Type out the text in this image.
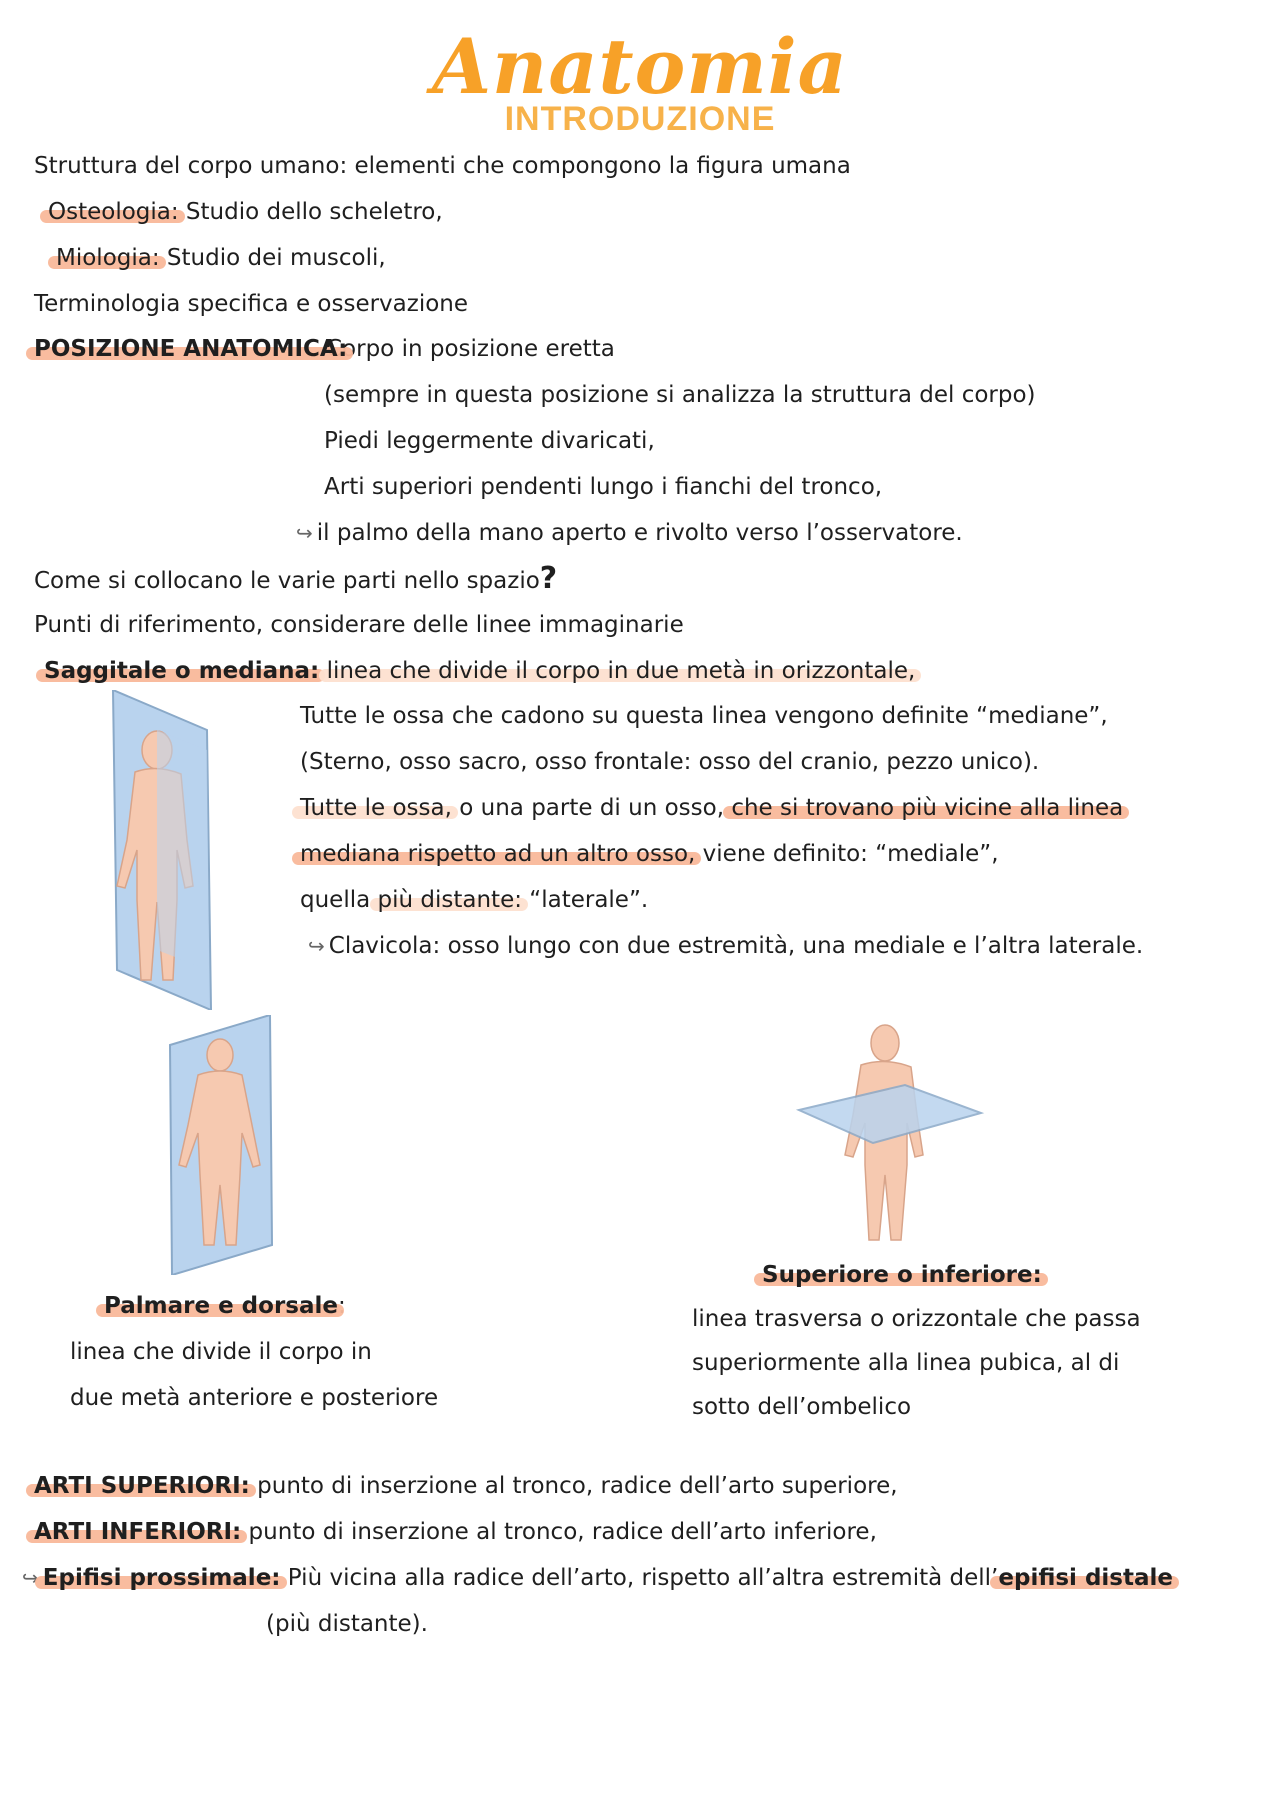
Anatomia
INTRODUZIONE
Struttura del corpo umano: elementi che compongono la figura umana
Osteologia: Studio dello scheletro,
Miologia: Studio dei muscoli,
Terminologia specifica e osservazione
POSIZIONE ANATOMICA:
Corpo in posizione eretta
(sempre in questa posizione si analizza la struttura del corpo)
Piedi leggermente divaricati,
Arti superiori pendenti lungo i fianchi del tronco,
↪ il palmo della mano aperto e rivolto verso l’osservatore.
Come si collocano le varie parti nello spazio?
Punti di riferimento, considerare delle linee immaginarie
Saggitale o mediana: linea che divide il corpo in due metà in orizzontale,
Tutte le ossa che cadono su questa linea vengono definite “mediane”,
(Sterno, osso sacro, osso frontale: osso del cranio, pezzo unico).
Tutte le ossa, o una parte di un osso, che si trovano più vicine alla linea
mediana rispetto ad un altro osso, viene definito: “mediale”,
quella più distante: “laterale”.
↪ Clavicola: osso lungo con due estremità, una mediale e l’altra laterale.
Palmare e dorsale:
linea che divide il corpo in
due metà anteriore e posteriore
Superiore o inferiore:
linea trasversa o orizzontale che passa
superiormente alla linea pubica, al di
sotto dell’ombelico
ARTI SUPERIORI: punto di inserzione al tronco, radice dell’arto superiore,
ARTI INFERIORI: punto di inserzione al tronco, radice dell’arto inferiore,
↪ Epifisi prossimale: Più vicina alla radice dell’arto, rispetto all’altra estremità dell’epifisi distale
(più distante).
